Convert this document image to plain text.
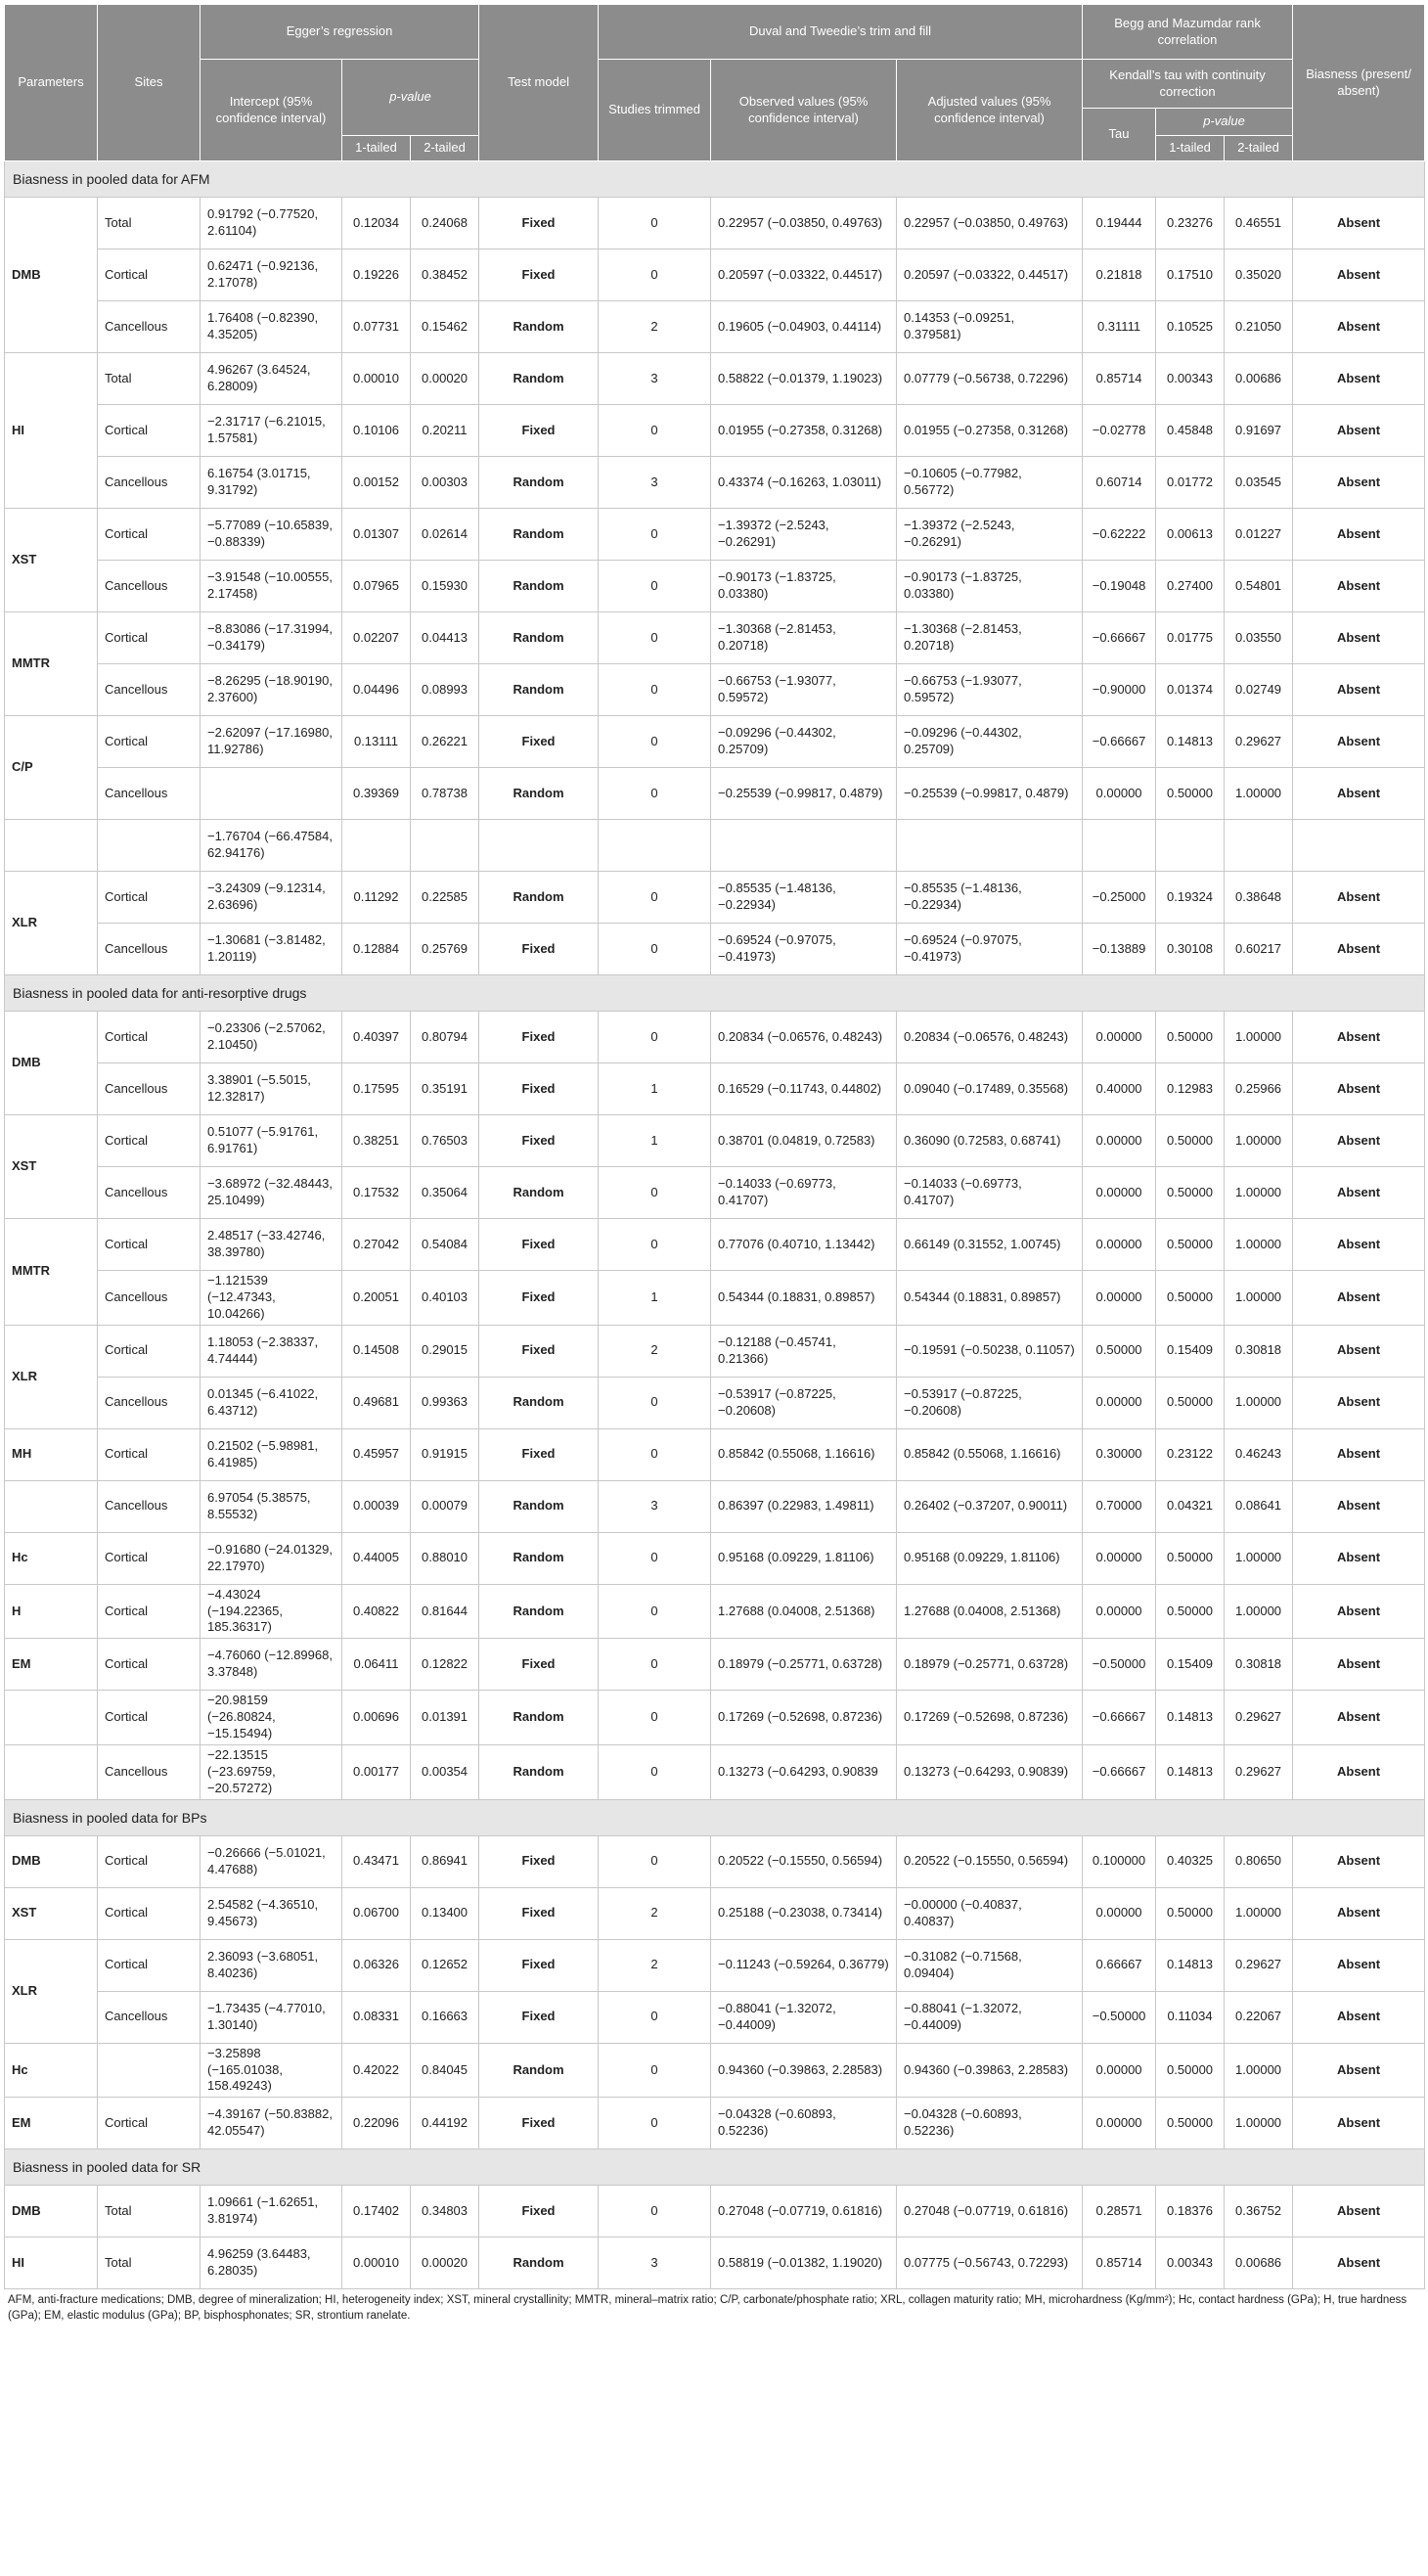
Parameters	Sites	Egger’s regression			Test model	Duval and Tweedie’s trim and fill			Begg and Mazumdar rank correlation			Biasness (present/ absent)
		Intercept (95% confidence interval)	p-value			Studies trimmed	Observed values (95% confidence interval)	Adjusted values (95% confidence interval)	Kendall’s tau with continuity correction			
									Tau	p-value		
			1-tailed	2-tailed						1-tailed	2-tailed	
Biasness in pooled data for AFM												
DMB	Total	0.91792 (−0.77520, 2.61104)	0.12034	0.24068	Fixed	0	0.22957 (−0.03850, 0.49763)	0.22957 (−0.03850, 0.49763)	0.19444	0.23276	0.46551	Absent
	Cortical	0.62471 (−0.92136, 2.17078)	0.19226	0.38452	Fixed	0	0.20597 (−0.03322, 0.44517)	0.20597 (−0.03322, 0.44517)	0.21818	0.17510	0.35020	Absent
	Cancellous	1.76408 (−0.82390, 4.35205)	0.07731	0.15462	Random	2	0.19605 (−0.04903, 0.44114)	0.14353 (−0.09251, 0.379581)	0.31111	0.10525	0.21050	Absent
HI	Total	4.96267 (3.64524, 6.28009)	0.00010	0.00020	Random	3	0.58822 (−0.01379, 1.19023)	0.07779 (−0.56738, 0.72296)	0.85714	0.00343	0.00686	Absent
	Cortical	−2.31717 (−6.21015, 1.57581)	0.10106	0.20211	Fixed	0	0.01955 (−0.27358, 0.31268)	0.01955 (−0.27358, 0.31268)	−0.02778	0.45848	0.91697	Absent
	Cancellous	6.16754 (3.01715, 9.31792)	0.00152	0.00303	Random	3	0.43374 (−0.16263, 1.03011)	−0.10605 (−0.77982, 0.56772)	0.60714	0.01772	0.03545	Absent
XST	Cortical	−5.77089 (−10.65839, −0.88339)	0.01307	0.02614	Random	0	−1.39372 (−2.5243, −0.26291)	−1.39372 (−2.5243, −0.26291)	−0.62222	0.00613	0.01227	Absent
	Cancellous	−3.91548 (−10.00555, 2.17458)	0.07965	0.15930	Random	0	−0.90173 (−1.83725, 0.03380)	−0.90173 (−1.83725, 0.03380)	−0.19048	0.27400	0.54801	Absent
MMTR	Cortical	−8.83086 (−17.31994, −0.34179)	0.02207	0.04413	Random	0	−1.30368 (−2.81453, 0.20718)	−1.30368 (−2.81453, 0.20718)	−0.66667	0.01775	0.03550	Absent
	Cancellous	−8.26295 (−18.90190, 2.37600)	0.04496	0.08993	Random	0	−0.66753 (−1.93077, 0.59572)	−0.66753 (−1.93077, 0.59572)	−0.90000	0.01374	0.02749	Absent
C/P	Cortical	−2.62097 (−17.16980, 11.92786)	0.13111	0.26221	Fixed	0	−0.09296 (−0.44302, 0.25709)	−0.09296 (−0.44302, 0.25709)	−0.66667	0.14813	0.29627	Absent
	Cancellous		0.39369	0.78738	Random	0	−0.25539 (−0.99817, 0.4879)	−0.25539 (−0.99817, 0.4879)	0.00000	0.50000	1.00000	Absent
		−1.76704 (−66.47584, 62.94176)										
XLR	Cortical	−3.24309 (−9.12314, 2.63696)	0.11292	0.22585	Random	0	−0.85535 (−1.48136, −0.22934)	−0.85535 (−1.48136, −0.22934)	−0.25000	0.19324	0.38648	Absent
	Cancellous	−1.30681 (−3.81482, 1.20119)	0.12884	0.25769	Fixed	0	−0.69524 (−0.97075, −0.41973)	−0.69524 (−0.97075, −0.41973)	−0.13889	0.30108	0.60217	Absent
Biasness in pooled data for anti-resorptive drugs												
DMB	Cortical	−0.23306 (−2.57062, 2.10450)	0.40397	0.80794	Fixed	0	0.20834 (−0.06576, 0.48243)	0.20834 (−0.06576, 0.48243)	0.00000	0.50000	1.00000	Absent
	Cancellous	3.38901 (−5.5015, 12.32817)	0.17595	0.35191	Fixed	1	0.16529 (−0.11743, 0.44802)	0.09040 (−0.17489, 0.35568)	0.40000	0.12983	0.25966	Absent
XST	Cortical	0.51077 (−5.91761, 6.91761)	0.38251	0.76503	Fixed	1	0.38701 (0.04819, 0.72583)	0.36090 (0.72583, 0.68741)	0.00000	0.50000	1.00000	Absent
	Cancellous	−3.68972 (−32.48443, 25.10499)	0.17532	0.35064	Random	0	−0.14033 (−0.69773, 0.41707)	−0.14033 (−0.69773, 0.41707)	0.00000	0.50000	1.00000	Absent
MMTR	Cortical	2.48517 (−33.42746, 38.39780)	0.27042	0.54084	Fixed	0	0.77076 (0.40710, 1.13442)	0.66149 (0.31552, 1.00745)	0.00000	0.50000	1.00000	Absent
	Cancellous	−1.121539 (−12.47343, 10.04266)	0.20051	0.40103	Fixed	1	0.54344 (0.18831, 0.89857)	0.54344 (0.18831, 0.89857)	0.00000	0.50000	1.00000	Absent
XLR	Cortical	1.18053 (−2.38337, 4.74444)	0.14508	0.29015	Fixed	2	−0.12188 (−0.45741, 0.21366)	−0.19591 (−0.50238, 0.11057)	0.50000	0.15409	0.30818	Absent
	Cancellous	0.01345 (−6.41022, 6.43712)	0.49681	0.99363	Random	0	−0.53917 (−0.87225, −0.20608)	−0.53917 (−0.87225, −0.20608)	0.00000	0.50000	1.00000	Absent
MH	Cortical	0.21502 (−5.98981, 6.41985)	0.45957	0.91915	Fixed	0	0.85842 (0.55068, 1.16616)	0.85842 (0.55068, 1.16616)	0.30000	0.23122	0.46243	Absent
	Cancellous	6.97054 (5.38575, 8.55532)	0.00039	0.00079	Random	3	0.86397 (0.22983, 1.49811)	0.26402 (−0.37207, 0.90011)	0.70000	0.04321	0.08641	Absent
Hc	Cortical	−0.91680 (−24.01329, 22.17970)	0.44005	0.88010	Random	0	0.95168 (0.09229, 1.81106)	0.95168 (0.09229, 1.81106)	0.00000	0.50000	1.00000	Absent
H	Cortical	−4.43024 (−194.22365, 185.36317)	0.40822	0.81644	Random	0	1.27688 (0.04008, 2.51368)	1.27688 (0.04008, 2.51368)	0.00000	0.50000	1.00000	Absent
EM	Cortical	−4.76060 (−12.89968, 3.37848)	0.06411	0.12822	Fixed	0	0.18979 (−0.25771, 0.63728)	0.18979 (−0.25771, 0.63728)	−0.50000	0.15409	0.30818	Absent
	Cortical	−20.98159 (−26.80824, −15.15494)	0.00696	0.01391	Random	0	0.17269 (−0.52698, 0.87236)	0.17269 (−0.52698, 0.87236)	−0.66667	0.14813	0.29627	Absent
	Cancellous	−22.13515 (−23.69759, −20.57272)	0.00177	0.00354	Random	0	0.13273 (−0.64293, 0.90839	0.13273 (−0.64293, 0.90839)	−0.66667	0.14813	0.29627	Absent
Biasness in pooled data for BPs												
DMB	Cortical	−0.26666 (−5.01021, 4.47688)	0.43471	0.86941	Fixed	0	0.20522 (−0.15550, 0.56594)	0.20522 (−0.15550, 0.56594)	0.100000	0.40325	0.80650	Absent
XST	Cortical	2.54582 (−4.36510, 9.45673)	0.06700	0.13400	Fixed	2	0.25188 (−0.23038, 0.73414)	−0.00000 (−0.40837, 0.40837)	0.00000	0.50000	1.00000	Absent
XLR	Cortical	2.36093 (−3.68051, 8.40236)	0.06326	0.12652	Fixed	2	−0.11243 (−0.59264, 0.36779)	−0.31082 (−0.71568, 0.09404)	0.66667	0.14813	0.29627	Absent
	Cancellous	−1.73435 (−4.77010, 1.30140)	0.08331	0.16663	Fixed	0	−0.88041 (−1.32072, −0.44009)	−0.88041 (−1.32072, −0.44009)	−0.50000	0.11034	0.22067	Absent
Hc		−3.25898 (−165.01038, 158.49243)	0.42022	0.84045	Random	0	0.94360 (−0.39863, 2.28583)	0.94360 (−0.39863, 2.28583)	0.00000	0.50000	1.00000	Absent
EM	Cortical	−4.39167 (−50.83882, 42.05547)	0.22096	0.44192	Fixed	0	−0.04328 (−0.60893, 0.52236)	−0.04328 (−0.60893, 0.52236)	0.00000	0.50000	1.00000	Absent
Biasness in pooled data for SR												
DMB	Total	1.09661 (−1.62651, 3.81974)	0.17402	0.34803	Fixed	0	0.27048 (−0.07719, 0.61816)	0.27048 (−0.07719, 0.61816)	0.28571	0.18376	0.36752	Absent
HI	Total	4.96259 (3.64483, 6.28035)	0.00010	0.00020	Random	3	0.58819 (−0.01382, 1.19020)	0.07775 (−0.56743, 0.72293)	0.85714	0.00343	0.00686	Absent
AFM, anti-fracture medications; DMB, degree of mineralization; HI, heterogeneity index; XST, mineral crystallinity; MMTR, mineral–matrix ratio; C/P, carbonate/phosphate ratio; XRL, collagen maturity ratio; MH, microhardness (Kg/mm²); Hc, contact hardness (GPa); H, true hardness (GPa); EM, elastic modulus (GPa); BP, bisphosphonates; SR, strontium ranelate.
